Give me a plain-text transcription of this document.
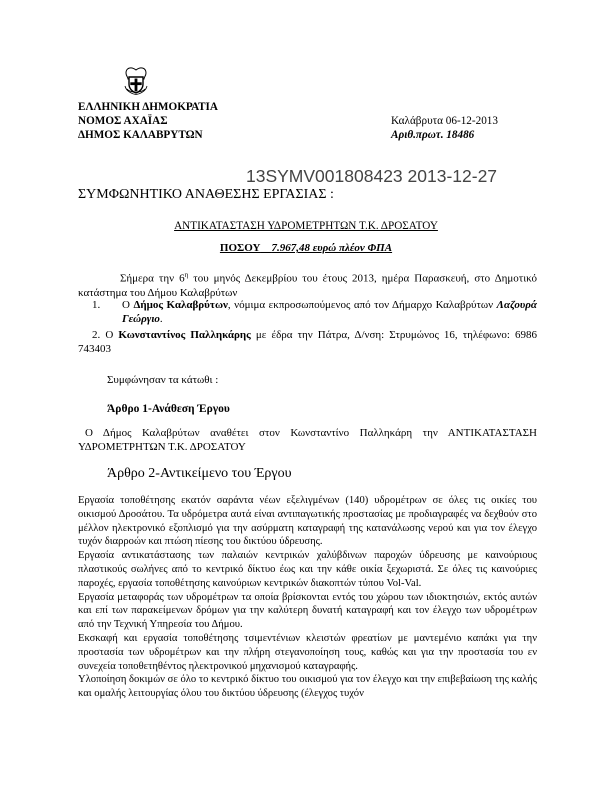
ΕΛΛΗΝΙΚΗ ΔΗΜΟΚΡΑΤΙΑ
ΝΟΜΟΣ ΑΧΑΪΑΣ
ΔΗΜΟΣ ΚΑΛΑΒΡΥΤΩΝ
Καλάβρυτα 06-12-2013
Αριθ.πρωτ. 18486
13SYMV001808423 2013-12-27
ΣΥΜΦΩΝΗΤΙΚΟ ΑΝΑΘΕΣΗΣ ΕΡΓΑΣΙΑΣ :
ΑΝΤΙΚΑΤΑΣΤΑΣΗ ΥΔΡΟΜΕΤΡΗΤΩΝ Τ.Κ. ΔΡΟΣΑΤΟΥ
ΠΟΣΟΥ 7.967,48 ευρώ πλέον ΦΠΑ
Σήμερα την $6^\eta$ του μηνός Δεκεμβρίου του έτους 2013, ημέρα Παρασκευή, στο Δημοτικό κατάστημα του Δήμου Καλαβρύτων
1. Ο Δήμος Καλαβρύτων, νόμιμα εκπροσωπούμενος από τον Δήμαρχο Καλαβρύτων Λαζουρά Γεώργιο.
2. Ο Κωνσταντίνος Παλληκάρης με έδρα την Πάτρα, Δ/νση: Στρυμώνος 16, τηλέφωνο: 6986 743403
Συμφώνησαν τα κάτωθι :
Άρθρο 1-Ανάθεση Έργου
Ο Δήμος Καλαβρύτων αναθέτει στον Κωνσταντίνο Παλληκάρη την ΑΝΤΙΚΑΤΑΣΤΑΣΗ ΥΔΡΟΜΕΤΡΗΤΩΝ Τ.Κ. ΔΡΟΣΑΤΟΥ
Άρθρο 2-Αντικείμενο του Έργου
Εργασία τοποθέτησης εκατόν σαράντα νέων εξελιγμένων (140) υδρομέτρων σε όλες τις οικίες του οικισμού Δροσάτου. Τα υδρόμετρα αυτά είναι αντιπαγωτικής προστασίας με προδιαγραφές να δεχθούν στο μέλλον ηλεκτρονικό εξοπλισμό για την ασύρματη καταγραφή της κατανάλωσης νερού και για τον έλεγχο τυχόν διαρροών και πτώση πίεσης του δικτύου ύδρευσης.
Εργασία αντικατάστασης των παλαιών κεντρικών χαλύβδινων παροχών ύδρευσης με καινούριους πλαστικούς σωλήνες από το κεντρικό δίκτυο έως και την κάθε οικία ξεχωριστά. Σε όλες τις καινούριες παροχές, εργασία τοποθέτησης καινούριων κεντρικών διακοπτών τύπου Vol-Val.
Εργασία μεταφοράς των υδρομέτρων τα οποία βρίσκονται εντός του χώρου των ιδιοκτησιών, εκτός αυτών και επί των παρακείμενων δρόμων για την καλύτερη δυνατή καταγραφή και τον έλεγχο των υδρομέτρων από την Τεχνική Υπηρεσία του Δήμου.
Εκσκαφή και εργασία τοποθέτησης τσιμεντένιων κλειστών φρεατίων με μαντεμένιο καπάκι για την προστασία των υδρομέτρων και την πλήρη στεγανοποίηση τους, καθώς και για την προστασία του εν συνεχεία τοποθετηθέντος ηλεκτρονικού μηχανισμού καταγραφής.
Υλοποίηση δοκιμών σε όλο το κεντρικό δίκτυο του οικισμού για τον έλεγχο και την επιβεβαίωση της καλής και ομαλής λειτουργίας όλου του δικτύου ύδρευσης (έλεγχος τυχόν
